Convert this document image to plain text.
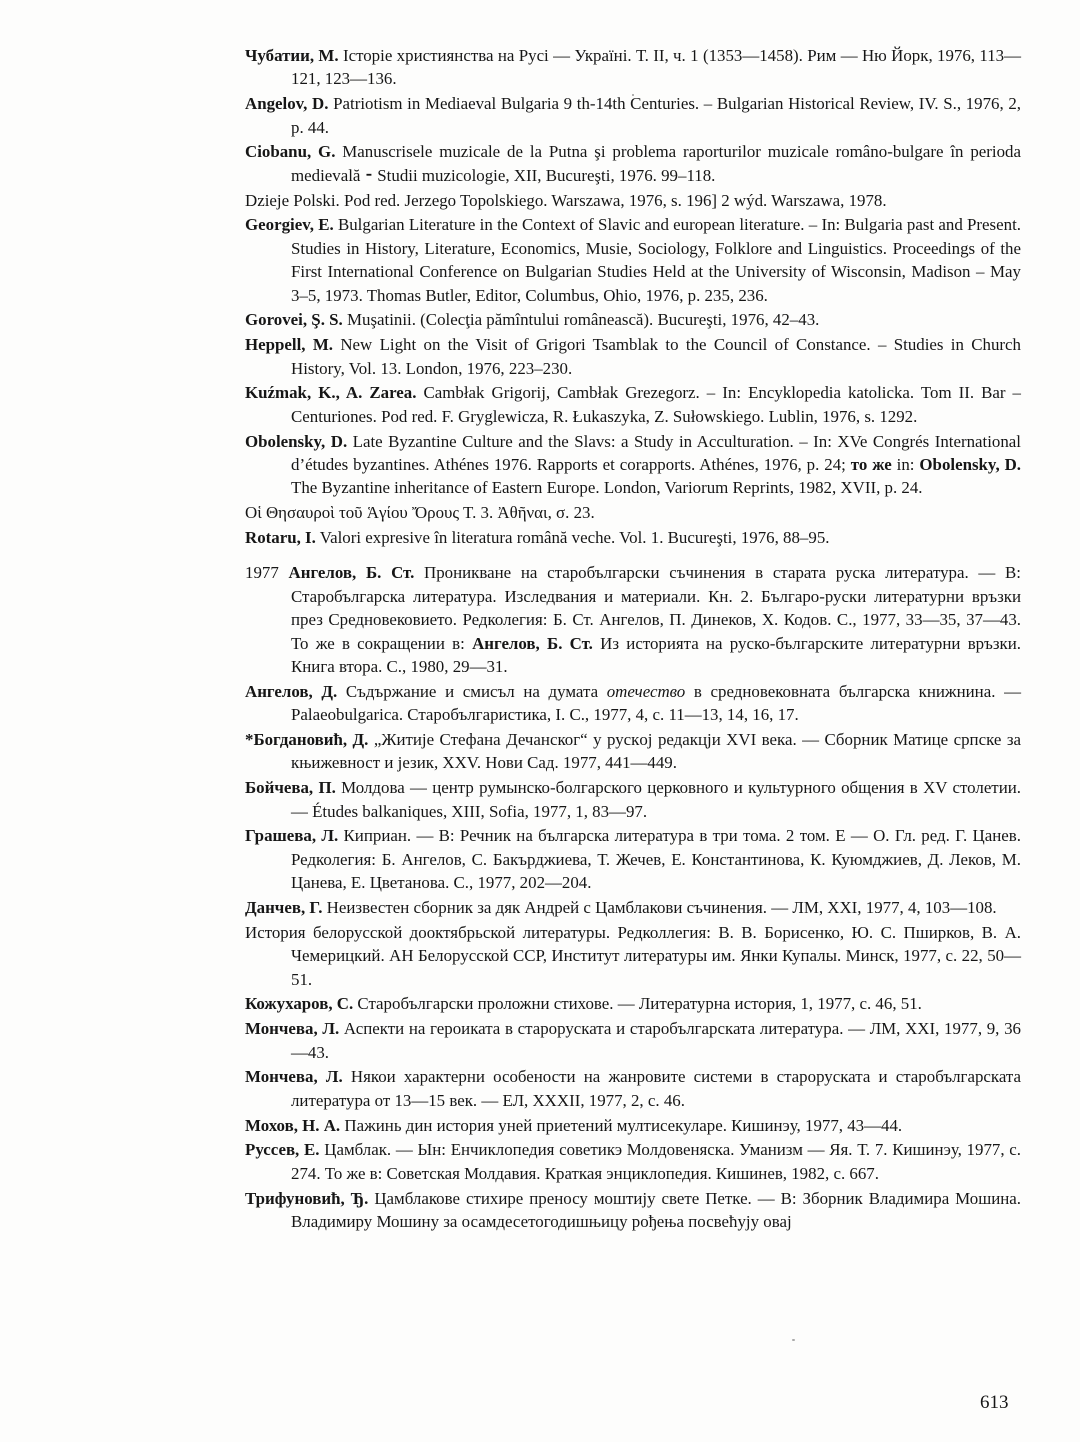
Чубатии, М. Історіе християнства на Русі — Україні. Т. II, ч. 1 (1353—1458). Рим — Ню Йорк, 1976, 113—121, 123—136.

Angelov, D. Patriotism in Mediaeval Bulgaria 9 th-14th Centuries. – Bulgarian Historical Review, IV. S., 1976, 2, p. 44.

Ciobanu, G. Manuscrisele muzicale de la Putna şi problema raporturilor muzicale româno-bulgare în perioda medievală ⁃ Studii muzicologie, XII, Bucureşti, 1976. 99–118.

Dzieje Polski. Pod red. Jerzego Topolskiego. Warszawa, 1976, s. 196] 2 wýd. Warszawa, 1978.

Georgiev, E. Bulgarian Literature in the Context of Slavic and european literature. – In: Bulgaria past and Present. Studies in History, Literature, Economics, Musie, Sociology, Folklore and Linguistics. Proceedings of the First International Conference on Bulgarian Studies Held at the University of Wisconsin, Madison – May 3–5, 1973. Thomas Butler, Editor, Columbus, Ohio, 1976, p. 235, 236.

Gorovei, Ş. S. Muşatinii. (Colecţia pămîntului românească). Bucureşti, 1976, 42–43.

Heppell, M. New Light on the Visit of Grigori Tsamblak to the Council of Constance. – Studies in Church History, Vol. 13. London, 1976, 223–230.

Kuźmak, K., A. Zarea. Cambłak Grigorij, Cambłak Grezegorz. – In: Encyklopedia katolicka. Tom II. Bar – Centuriones. Pod red. F. Gryglewicza, R. Łukaszyka, Z. Sułowskiego. Lublin, 1976, s. 1292.

Obolensky, D. Late Byzantine Culture and the Slavs: a Study in Acculturation. – In: XVe Congrés International d’études byzantines. Athénes 1976. Rapports et corapports. Athénes, 1976, p. 24; то же in: Obolensky, D. The Byzantine inheritance of Eastern Europe. London, Variorum Reprints, 1982, XVII, p. 24.

Οἱ Θησαυροὶ τοῦ Ἁγίου Ὄρους Τ. 3. Ἀθῆναι, σ. 23.

Rotaru, I. Valori expresive în literatura română veche. Vol. 1. Bucureşti, 1976, 88–95.

1977 Ангелов, Б. Ст. Проникване на старобългарски съчинения в старата руска литература. — В: Старобългарска литература. Изследвания и материали. Кн. 2. Българо-руски литературни връзки през Средновековието. Редколегия: Б. Ст. Ангелов, П. Динеков, Х. Кодов. С., 1977, 33—35, 37—43. То же в сокращении в: Ангелов, Б. Ст. Из историята на руско-българските литературни връзки. Книга втора. С., 1980, 29—31.

Ангелов, Д. Съдържание и смисъл на думата отечество в средновековната българска книжнина. — Palaeobulgarica. Старобългаристика, I. С., 1977, 4, с. 11—13, 14, 16, 17.

*Богдановић, Д. „Житије Стефана Дечанског“ у рускoj редакцjи XVI века. — Сборник Матице српске за књижевност и језик, XXV. Нови Сад. 1977, 441—449.

Бойчева, П. Молдова — центр румынско-болгарского церковного и культурного общения в XV столетии. — Études balkaniques, XIII, Sofia, 1977, 1, 83—97.

Грашева, Л. Киприан. — В: Речник на българска литература в три тома. 2 том. Е — О. Гл. ред. Г. Цанев. Редколегия: Б. Ангелов, С. Бакърджиева, Т. Жечев, Е. Константинова, К. Куюмджиев, Д. Леков, М. Цанева, Е. Цветанова. С., 1977, 202—204.

Данчев, Г. Неизвестен сборник за дяк Андрей с Цамблакови съчинения. — ЛМ, XXI, 1977, 4, 103—108.

История белорусской дооктябрьской литературы. Редколлегия: В. В. Борисенко, Ю. С. Пширков, В. А. Чемерицкий. АН Белорусской ССР, Институт литературы им. Янки Купалы. Минск, 1977, с. 22, 50—51.

Кожухаров, С. Старобългарски проложни стихове. — Литературна история, 1, 1977, с. 46, 51.

Мончева, Л. Аспекти на героиката в староруската и старобългарската литература. — ЛМ, XXI, 1977, 9, 36—43.

Мончева, Л. Някои характерни особености на жанровите системи в староруската и старобългарската литература от 13—15 век. — ЕЛ, XXXII, 1977, 2, с. 46.

Мохов, Н. А. Пажинь дин история уней приетений мултисекуларе. Кишинэу, 1977, 43—44.

Руссев, Е. Цамблак. — Ын: Енчиклопедия советикэ Молдовеняска. Уманизм — Яя. Т. 7. Кишинэу, 1977, с. 274. То же в: Советская Молдавия. Краткая энциклопедия. Кишинев, 1982, с. 667.

Трифуновић, Ђ. Цамблакове стихире преносу моштију свете Петке. — В: Зборник Владимира Мошина. Владимиру Мошину за осамдесетогодишњицу рођења посвећују овај

613
